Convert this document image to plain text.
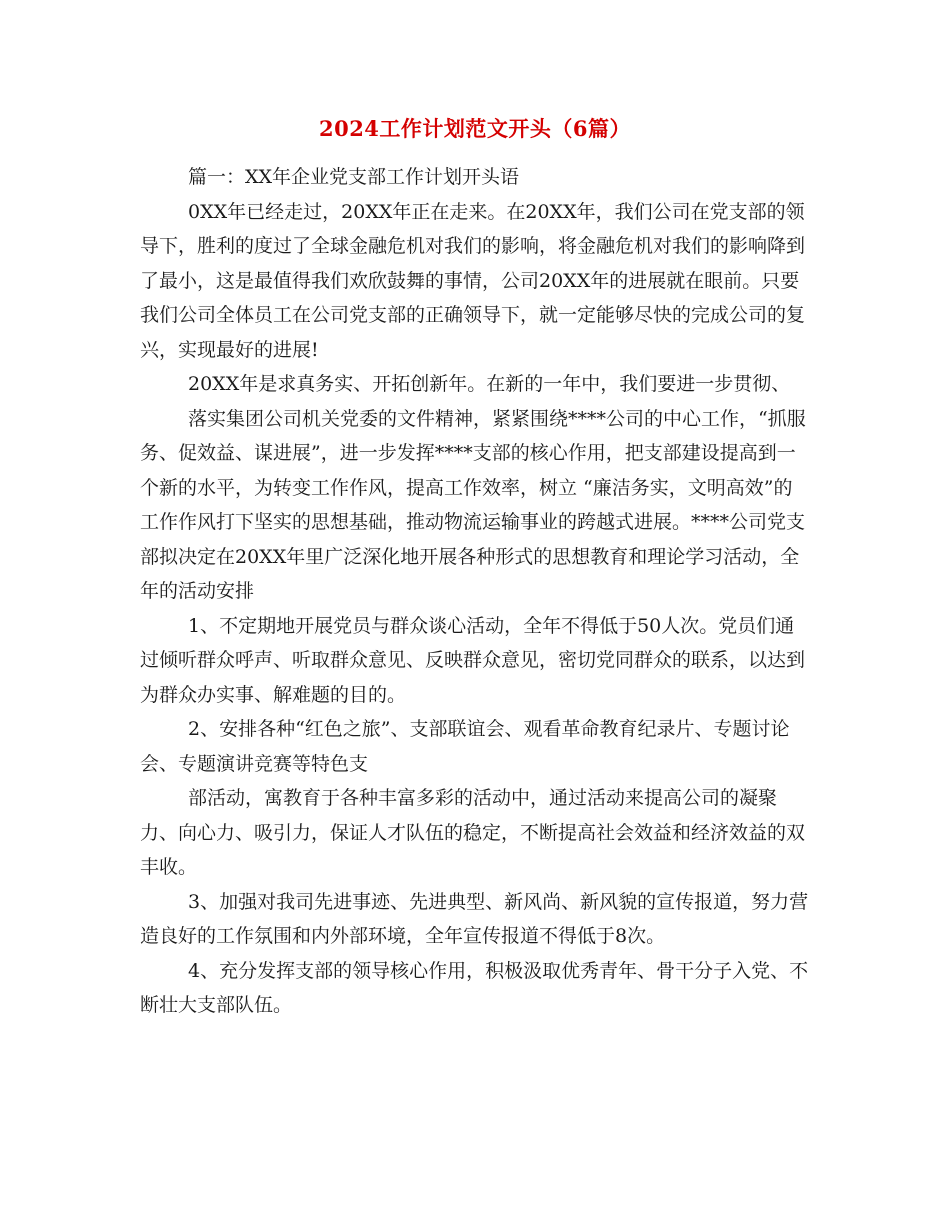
2024工作计划范文开头（6篇）

篇一：XX年企业党支部工作计划开头语

0XX年已经走过，20XX年正在走来。在20XX年，我们公司在党支部的领导下，胜利的度过了全球金融危机对我们的影响，将金融危机对我们的影响降到了最小，这是最值得我们欢欣鼓舞的事情，公司20XX年的进展就在眼前。只要我们公司全体员工在公司党支部的正确领导下，就一定能够尽快的完成公司的复兴，实现最好的进展!

20XX年是求真务实、开拓创新年。在新的一年中，我们要进一步贯彻、

落实集团公司机关党委的文件精神，紧紧围绕****公司的中心工作，“抓服务、促效益、谋进展”，进一步发挥****支部的核心作用，把支部建设提高到一个新的水平，为转变工作作风，提高工作效率，树立 “廉洁务实，文明高效”的工作作风打下坚实的思想基础，推动物流运输事业的跨越式进展。****公司党支部拟决定在20XX年里广泛深化地开展各种形式的思想教育和理论学习活动，全年的活动安排

1、不定期地开展党员与群众谈心活动，全年不得低于50人次。党员们通过倾听群众呼声、听取群众意见、反映群众意见，密切党同群众的联系，以达到为群众办实事、解难题的目的。

2、安排各种“红色之旅”、支部联谊会、观看革命教育纪录片、专题讨论会、专题演讲竞赛等特色支

部活动，寓教育于各种丰富多彩的活动中，通过活动来提高公司的凝聚力、向心力、吸引力，保证人才队伍的稳定，不断提高社会效益和经济效益的双丰收。

3、加强对我司先进事迹、先进典型、新风尚、新风貌的宣传报道，努力营造良好的工作氛围和内外部环境，全年宣传报道不得低于8次。

4、充分发挥支部的领导核心作用，积极汲取优秀青年、骨干分子入党、不断壮大支部队伍。
